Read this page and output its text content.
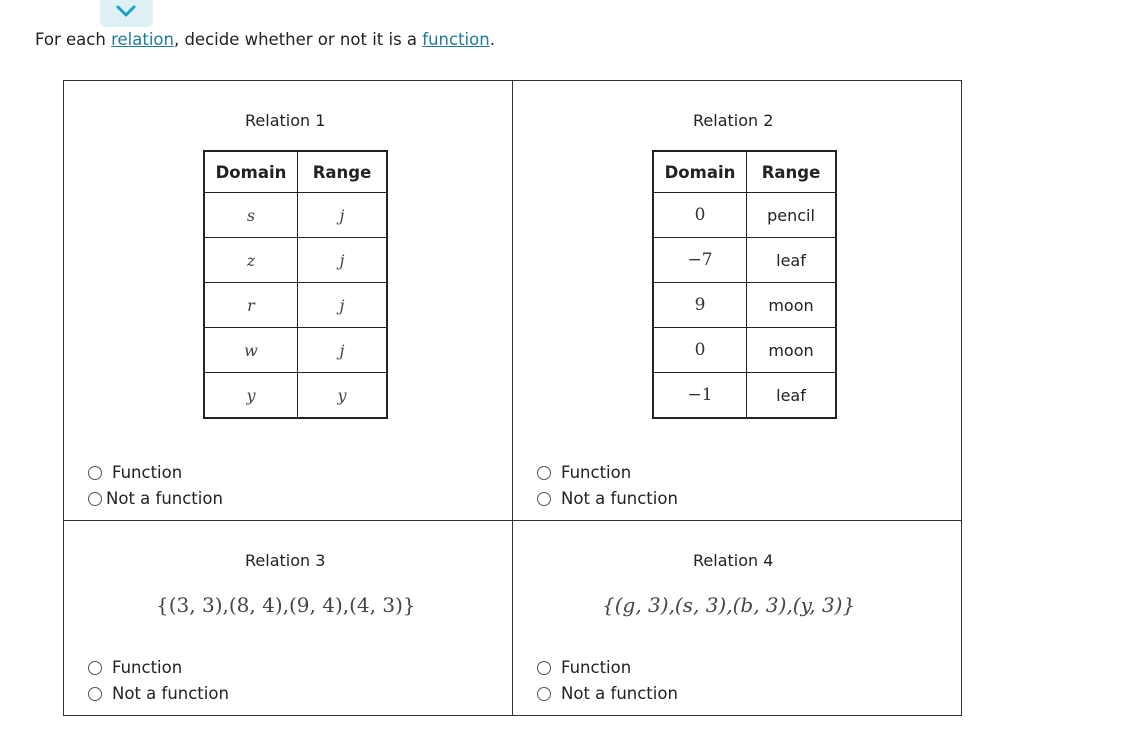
For each relation, decide whether or not it is a function.
Relation 1
Domain	Range
s	j
z	j
r	j
w	j
y	y
Function
Not a function
Relation 2
Domain	Range
0	pencil
−7	leaf
9	moon
0	moon
−1	leaf
Function
Not a function
Relation 3
{(3, 3),(8, 4),(9, 4),(4, 3)}
Function
Not a function
Relation 4
{(g, 3),(s, 3),(b, 3),(y, 3)}
Function
Not a function
